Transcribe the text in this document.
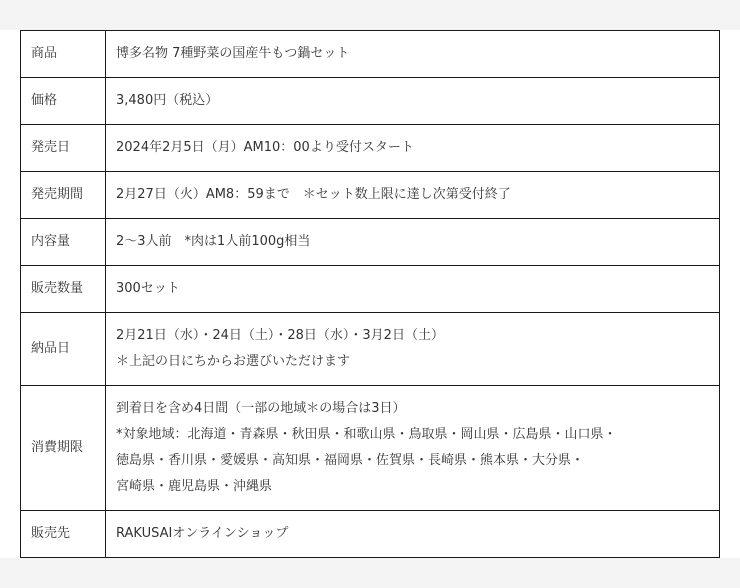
商品	博多名物 7種野菜の国産牛もつ鍋セット

価格	3,480円（税込）

発売日	2024年2月5日（月）AM10：00より受付スタート

発売期間	2月27日（火）AM8：59まで　＊セット数上限に達し次第受付終了

内容量	2～3人前　*肉は1人前100g相当

販売数量	300セット

納品日	2月21日（水）・24日（土）・28日（水）・3月2日（土）
＊上記の日にちからお選びいただけます

消費期限	到着日を含め4日間（一部の地域＊の場合は3日）
*対象地域：北海道・青森県・秋田県・和歌山県・鳥取県・岡山県・広島県・山口県・
徳島県・香川県・愛媛県・高知県・福岡県・佐賀県・長崎県・熊本県・大分県・
宮崎県・鹿児島県・沖縄県

販売先	RAKUSAIオンラインショップ
